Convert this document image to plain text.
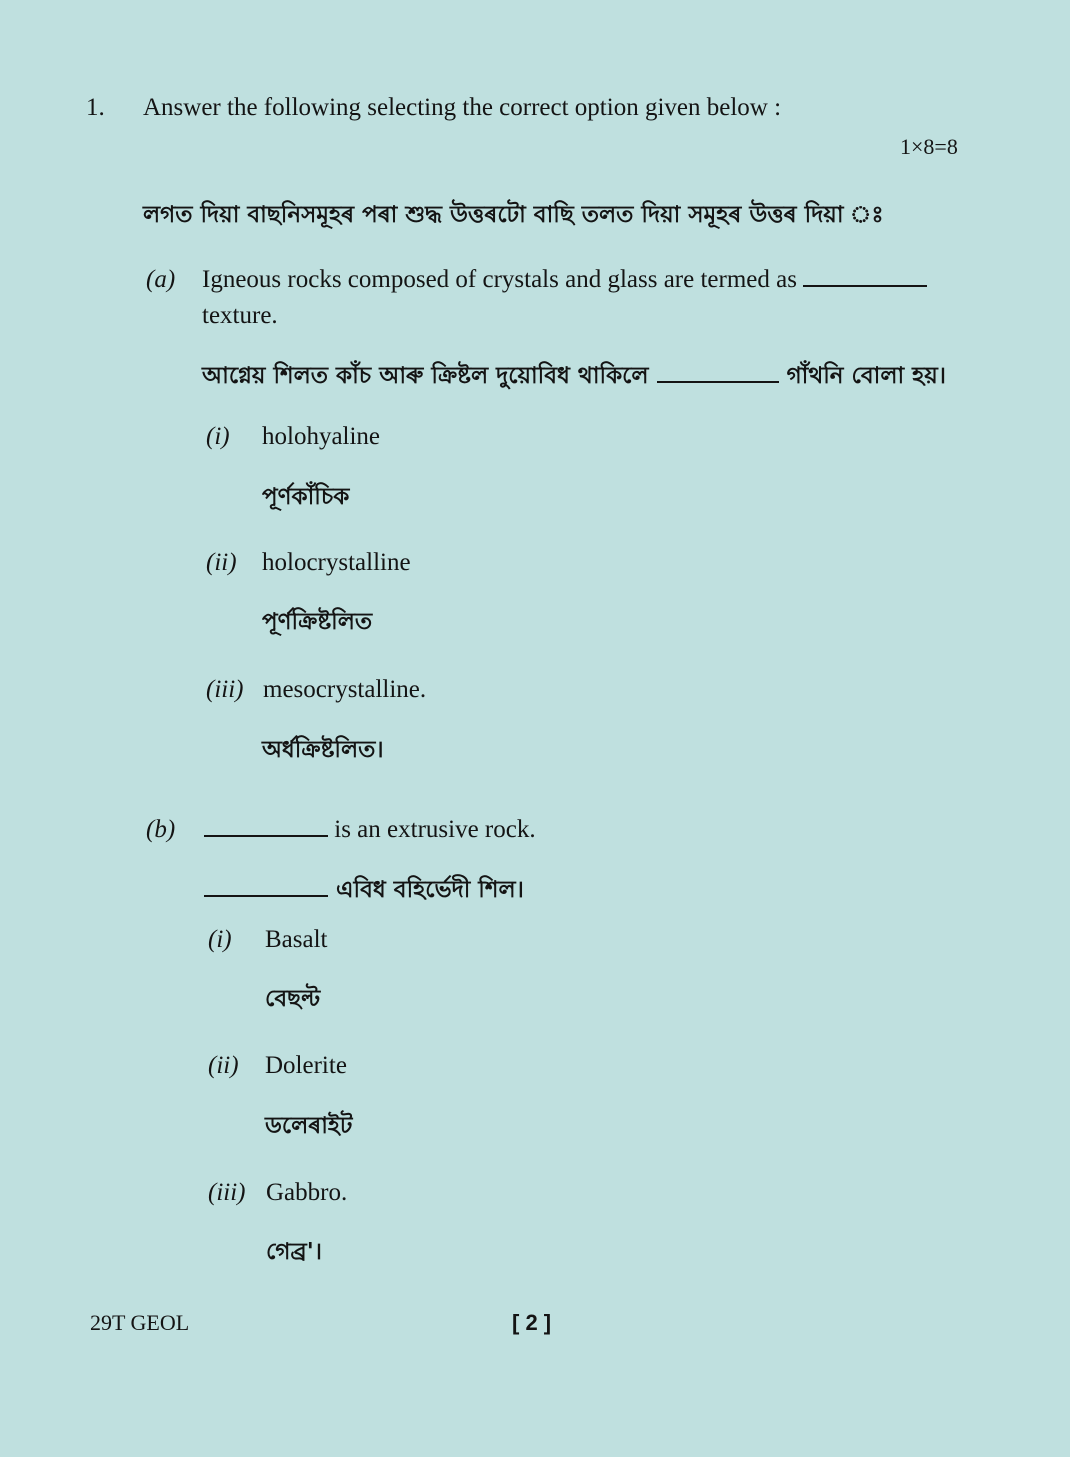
1. Answer the following selecting the correct option given below :
1×8=8
লগত দিয়া বাছনিসমূহৰ পৰা শুদ্ধ উত্তৰটো বাছি তলত দিয়া সমূহৰ উত্তৰ দিয়া ঃ
(a) Igneous rocks composed of crystals and glass are termed as
texture.
আগ্নেয় শিলত কাঁচ আৰু ক্ৰিষ্টল দুয়োবিধ থাকিলে	গাঁথনি বোলা হয়।
(i) holohyaline
পূৰ্ণকাঁচিক
(ii) holocrystalline
পূৰ্ণক্ৰিষ্টলিত
(iii) mesocrystalline.
অৰ্ধক্ৰিষ্টলিত।
(b)	is an extrusive rock.
এবিধ বহিৰ্ভেদী শিল।
(i) Basalt
বেছল্ট
(ii) Dolerite
ডলেৰাইট
(iii) Gabbro.
গেব্ৰ'।
29T GEOL	[ 2 ]
